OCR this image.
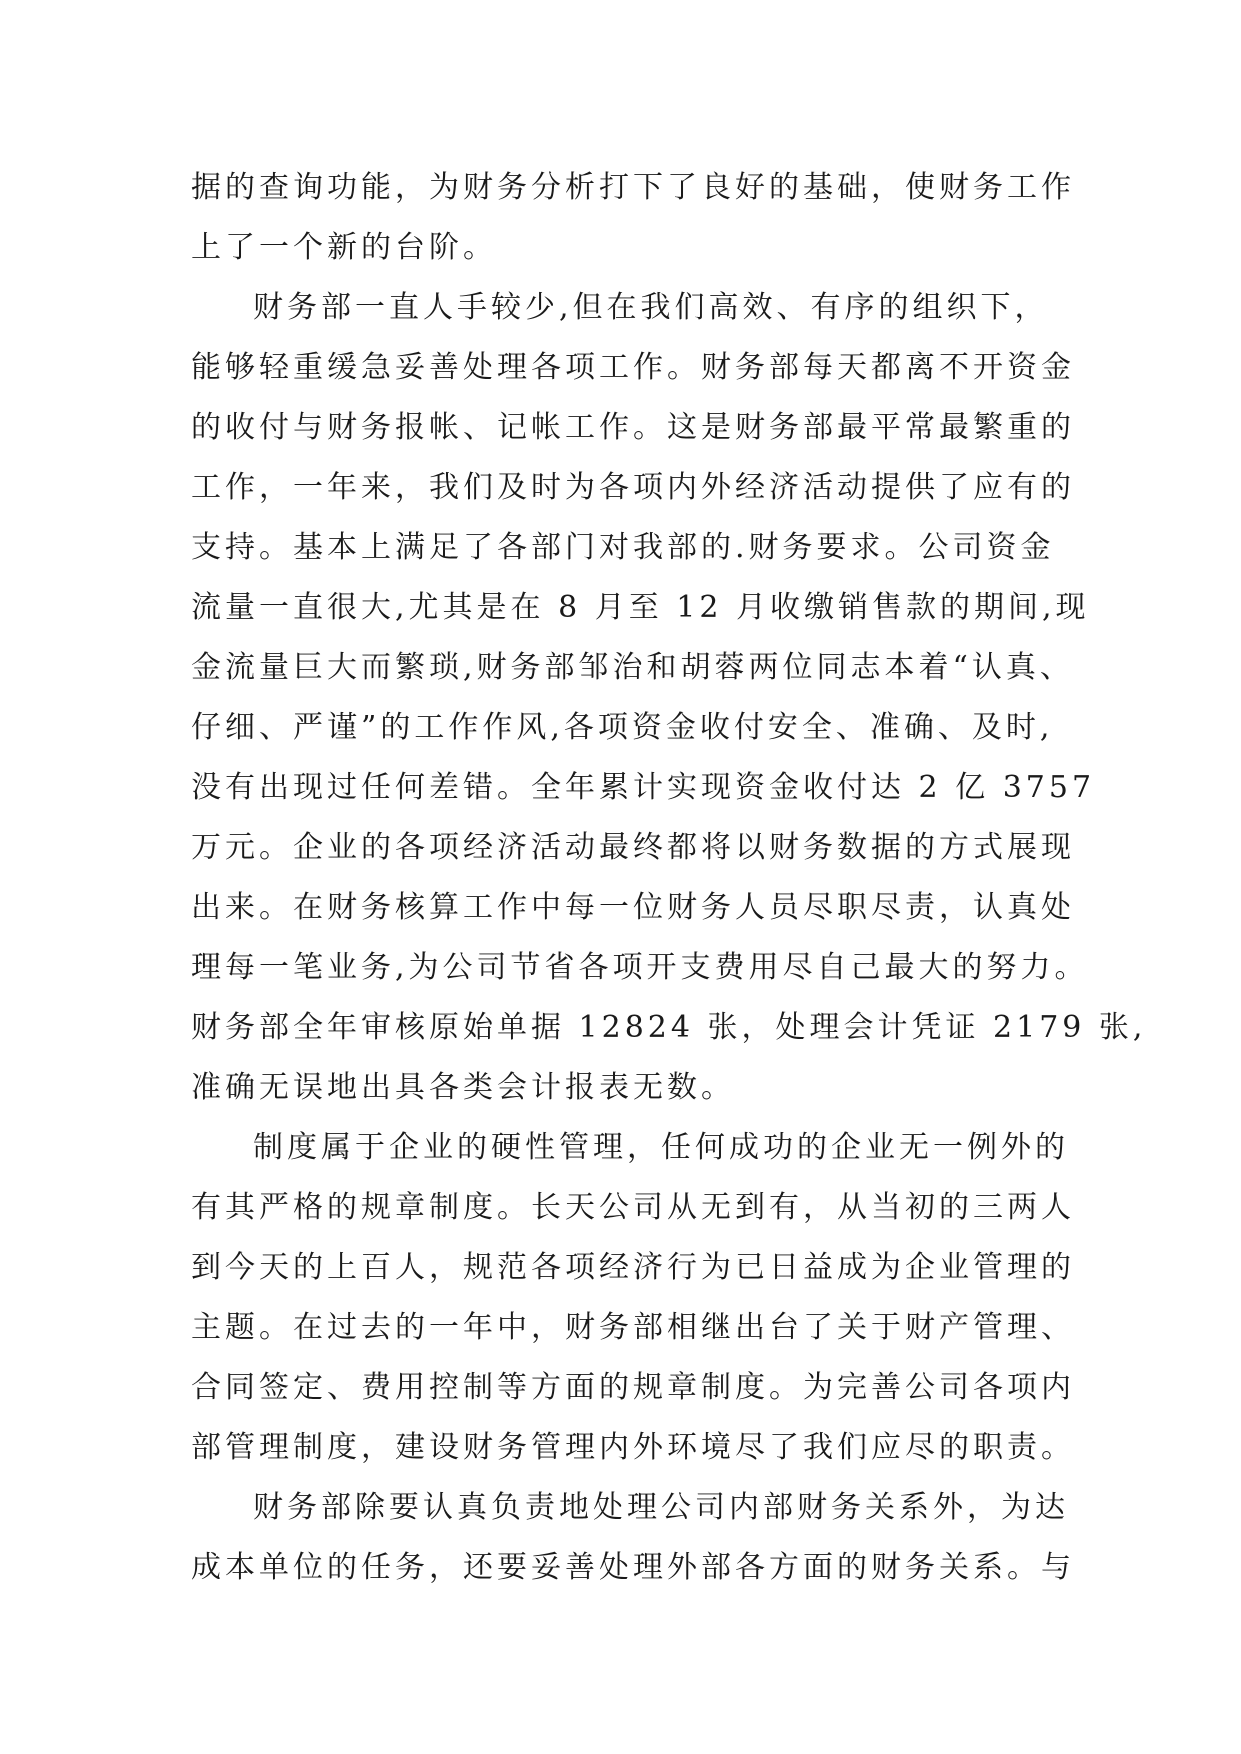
据的查询功能，为财务分析打下了良好的基础，使财务工作
上了一个新的台阶。
财务部一直人手较少,但在我们高效、有序的组织下，
能够轻重缓急妥善处理各项工作。财务部每天都离不开资金
的收付与财务报帐、记帐工作。这是财务部最平常最繁重的
工作，一年来，我们及时为各项内外经济活动提供了应有的
支持。基本上满足了各部门对我部的.财务要求。公司资金
流量一直很大,尤其是在 8 月至 12 月收缴销售款的期间,现
金流量巨大而繁琐,财务部邹治和胡蓉两位同志本着“认真、
仔细、严谨”的工作作风,各项资金收付安全、准确、及时,
没有出现过任何差错。全年累计实现资金收付达 2 亿 3757
万元。企业的各项经济活动最终都将以财务数据的方式展现
出来。在财务核算工作中每一位财务人员尽职尽责，认真处
理每一笔业务,为公司节省各项开支费用尽自己最大的努力。
财务部全年审核原始单据 12824 张，处理会计凭证 2179 张,
准确无误地出具各类会计报表无数。
制度属于企业的硬性管理，任何成功的企业无一例外的
有其严格的规章制度。长天公司从无到有，从当初的三两人
到今天的上百人，规范各项经济行为已日益成为企业管理的
主题。在过去的一年中，财务部相继出台了关于财产管理、
合同签定、费用控制等方面的规章制度。为完善公司各项内
部管理制度，建设财务管理内外环境尽了我们应尽的职责。
财务部除要认真负责地处理公司内部财务关系外，为达
成本单位的任务，还要妥善处理外部各方面的财务关系。与
